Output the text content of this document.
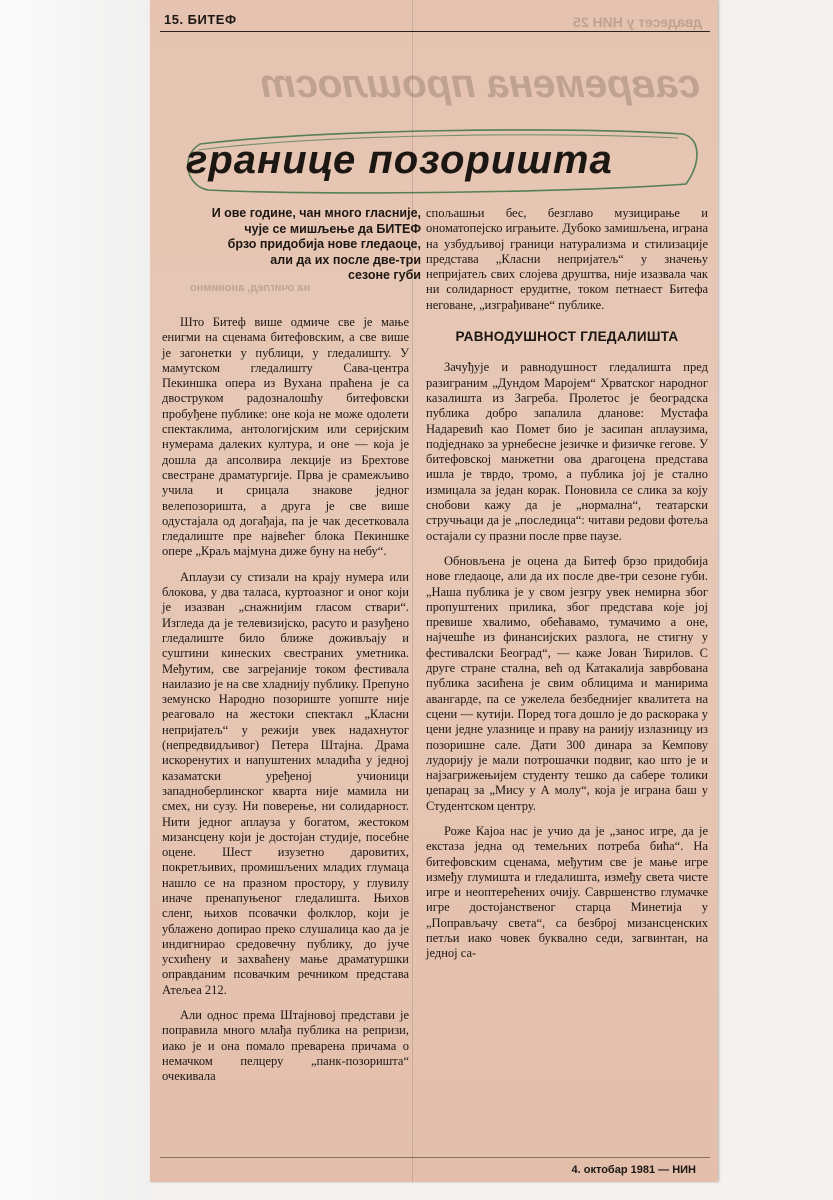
двадесет у НИН 25
савремена прошлост
на очиглед, анонимно
15. БИТЕФ
границе позоришта
И ове године, чан много гласније,
чује се мишљење да БИТЕФ
брзо придобија нове гледаоце,
али да их после две-три
сезоне губи

Што Битеф више одмиче све је мање енигми на сценама битефовским, а све више је загонетки у публици, у гледалишту. У мамутском гледалишту Сава-центра Пекиншка опера из Вухана праћена је са двоструком радозналошћу битефовски пробуђене публике: оне која не може одолети спектаклима, антологијским или серијским нумерама далеких култура, и оне — која је дошла да апсолвира лекције из Брехтове свестране драматургије. Прва је срамежљиво учила и срицала знакове једног велепозоришта, а друга је све више одустајала од догађаја, па је чак десетковала гледалиште пре највећег блока Пекиншке опере „Краљ мајмуна диже буну на небу“.

Аплаузи су стизали на крају нумера или блокова, у два таласа, куртоазног и оног који је изазван „снажнијим гласом ствари“. Изгледа да је телевизијско, расуто и разуђено гледалиште било ближе доживљају и суштини кинеских свестраних уметника. Међутим, све загрејаније током фестивала наилазио је на све хладнију публику. Препуно земунско Народно позориште уопште није реаговало на жестоки спектакл „Класни непријатељ“ у режији увек надахнутог (непредвидљивог) Петера Штајна. Драма искоренутих и напуштених младића у једној казаматски уређеној учионици западноберлинског кварта није мамила ни смех, ни сузу. Ни поверење, ни солидарност. Нити једног аплауза у богатом, жестоком мизансцену који је достојан студије, посебне оцене. Шест изузетно даровитих, покретљивих, промишљених младих глумаца нашло се на празном простору, у глувилу иначе пренапуњеног гледалишта. Њихов сленг, њихов псовачки фолклор, који је ублажено допирао преко слушалица као да је индигнирао средовечну публику, до јуче усхићену и захваћену мање драматуршки оправданим псовачким речником представа Атељеа 212.

Али однос према Штајновој представи је поправила много млађа публика на репризи, иако је и она помало преварена причама о немачком пелцеру „панк-позоришта“ очекивала

спољашњи бес, безглаво музицирање и ономатопејско играњите. Дубоко замишљена, играна на узбудљивој граници натурализма и стилизације представа „Класни непријатељ“ у значењу непријатељ свих слојева друштва, није изазвала чак ни солидарност ерудитне, током петнаест Битефа неговане, „изграђиване“ публике.

РАВНОДУШНОСТ ГЛЕДАЛИШТА

Зачуђује и равнодушност гледалишта пред разиграним „Дундом Маројем“ Хрватског народног казалишта из Загреба. Пролетос је београдска публика добро запалила дланове: Мустафа Надаревић као Помет био је засипан аплаузима, подједнако за урнебесне језичке и физичке гегове. У битефовској манжетни ова драгоцена представа ишла је тврдо, тромо, а публика јој је стално измицала за један корак. Поновила се слика за коју снобови кажу да је „нормална“, театарски стручњаци да је „последица“: читави редови фотеља остајали су празни после прве паузе.

Обновљена је оцена да Битеф брзо придобија нове гледаоце, али да их после две-три сезоне губи. „Наша публика је у свом језгру увек немирна због пропуштених прилика, због представа које јој превише хвалимо, обећавамо, тумачимо а оне, најчешће из финансијских разлога, не стигну у фестивалски Београд“, — каже Јован Ћирилов. С друге стране стална, већ од Катакалија заврбована публика засићена је свим облицима и манирима авангарде, па се ужелела безбеднијег квалитета на сцени — кутији. Поред тога дошло је до раскорака у цени једне улазнице и праву на ранију излазницу из позоришне сале. Дати 300 динара за Кемпову лудорију је мали потрошачки подвиг, као што је и најзагрижењијем студенту тешко да сабере толики џепарац за „Мису у А молу“, која је играна баш у Студентском центру.

Роже Кајоа нас је учио да је „занос игре, да је екстаза једна од темељних потреба бића“. На битефовским сценама, међутим све је мање игре између глумишта и гледалишта, између света чисте игре и неоптерећених очију. Савршенство глумачке игре достојанственог старца Минетија у „Поправљачу света“, са безброј мизансценских петљи иако човек буквално седи, загвинтан, на једној са-

4. октобар 1981 — НИН
